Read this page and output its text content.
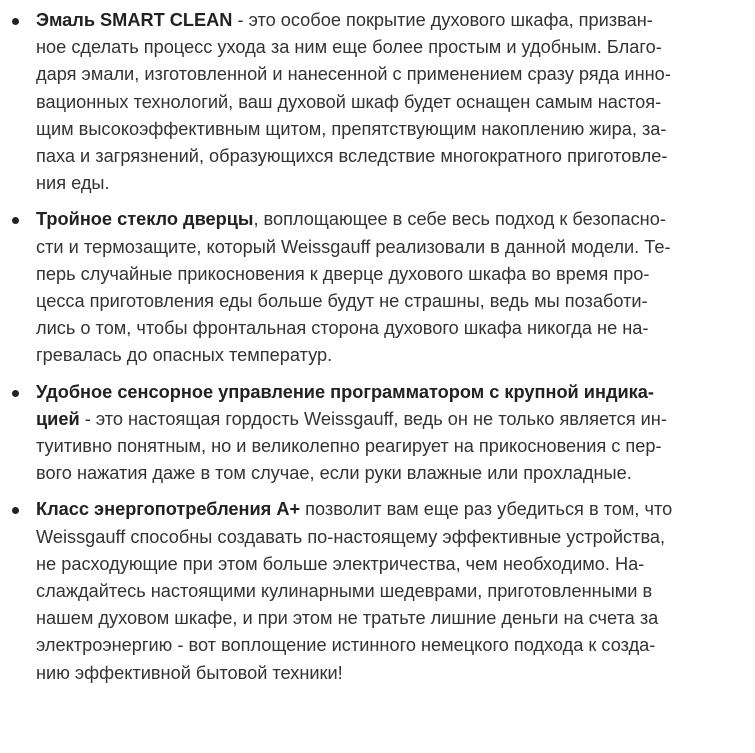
Эмаль SMART CLEAN - это особое покрытие духового шкафа, призван-
ное сделать процесс ухода за ним еще более простым и удобным. Благо-
даря эмали, изготовленной и нанесенной с применением сразу ряда инно-
вационных технологий, ваш духовой шкаф будет оснащен самым настоя-
щим высокоэффективным щитом, препятствующим накоплению жира, за-
паха и загрязнений, образующихся вследствие многократного приготовле-
ния еды.
Тройное стекло дверцы, воплощающее в себе весь подход к безопасно-
сти и термозащите, который Weissgauff реализовали в данной модели. Те-
перь случайные прикосновения к дверце духового шкафа во время про-
цесса приготовления еды больше будут не страшны, ведь мы позаботи-
лись о том, чтобы фронтальная сторона духового шкафа никогда не на-
гревалась до опасных температур.
Удобное сенсорное управление программатором с крупной индика-
цией - это настоящая гордость Weissgauff, ведь он не только является ин-
туитивно понятным, но и великолепно реагирует на прикосновения с пер-
вого нажатия даже в том случае, если руки влажные или прохладные.
Класс энергопотребления А+ позволит вам еще раз убедиться в том, что
Weissgauff способны создавать по-настоящему эффективные устройства,
не расходующие при этом больше электричества, чем необходимо. На-
слаждайтесь настоящими кулинарными шедеврами, приготовленными в
нашем духовом шкафе, и при этом не тратьте лишние деньги на счета за
электроэнергию - вот воплощение истинного немецкого подхода к созда-
нию эффективной бытовой техники!
